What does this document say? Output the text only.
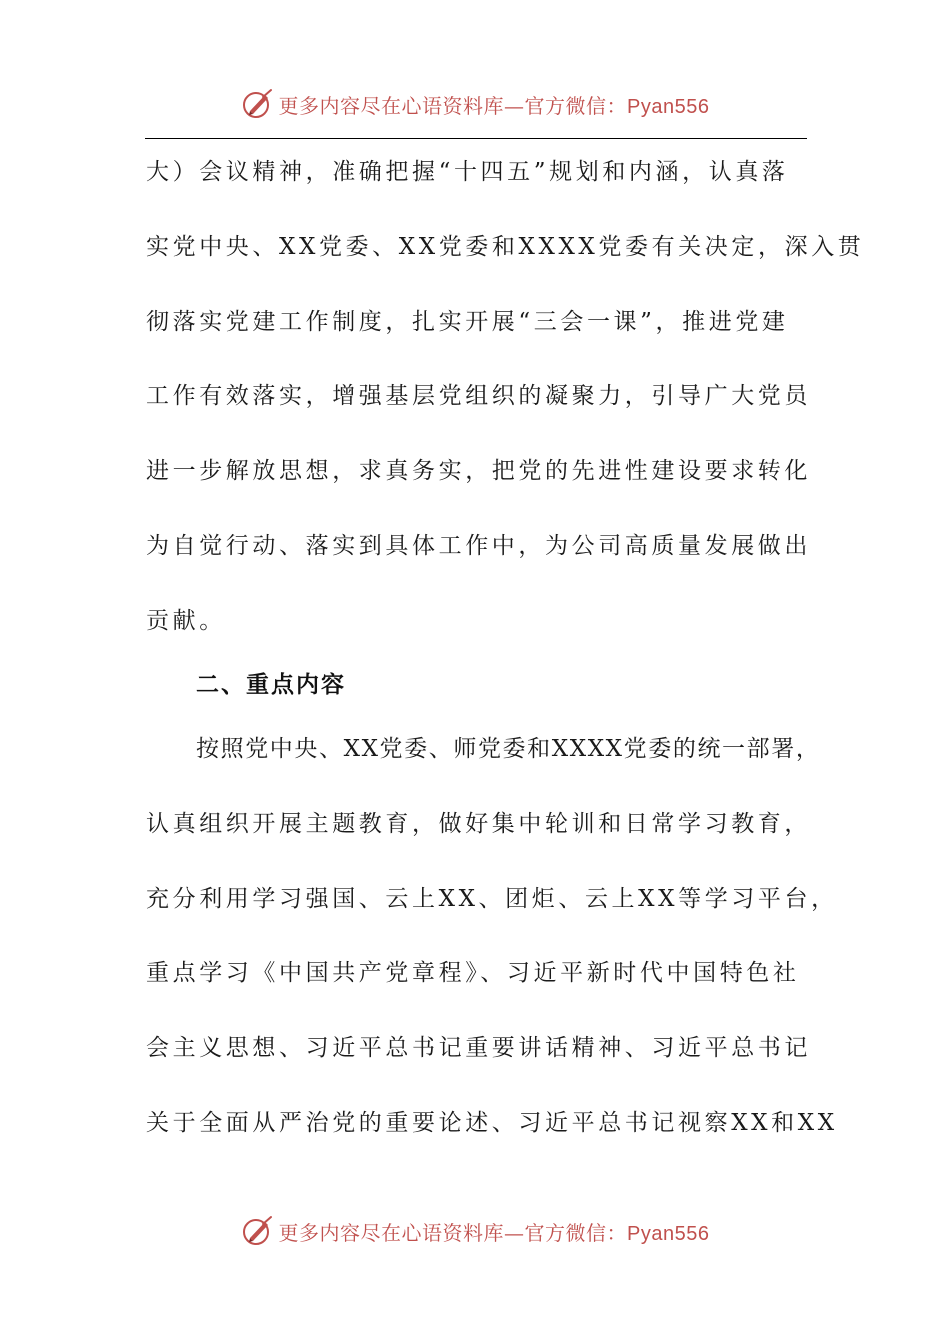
更多内容尽在心语资料库—官方微信：Pyan556
大）会议精神，准确把握“十四五”规划和内涵，认真落
实党中央、XX党委、XX党委和XXXX党委有关决定，深入贯
彻落实党建工作制度，扎实开展“三会一课”，推进党建
工作有效落实，增强基层党组织的凝聚力，引导广大党员
进一步解放思想，求真务实，把党的先进性建设要求转化
为自觉行动、落实到具体工作中，为公司高质量发展做出
贡献。
二、重点内容
按照党中央、XX党委、师党委和XXXX党委的统一部署，
认真组织开展主题教育，做好集中轮训和日常学习教育，
充分利用学习强国、云上XX、团炬、云上XX等学习平台，
重点学习《中国共产党章程》、习近平新时代中国特色社
会主义思想、习近平总书记重要讲话精神、习近平总书记
关于全面从严治党的重要论述、习近平总书记视察XX和XX
更多内容尽在心语资料库—官方微信：Pyan556
